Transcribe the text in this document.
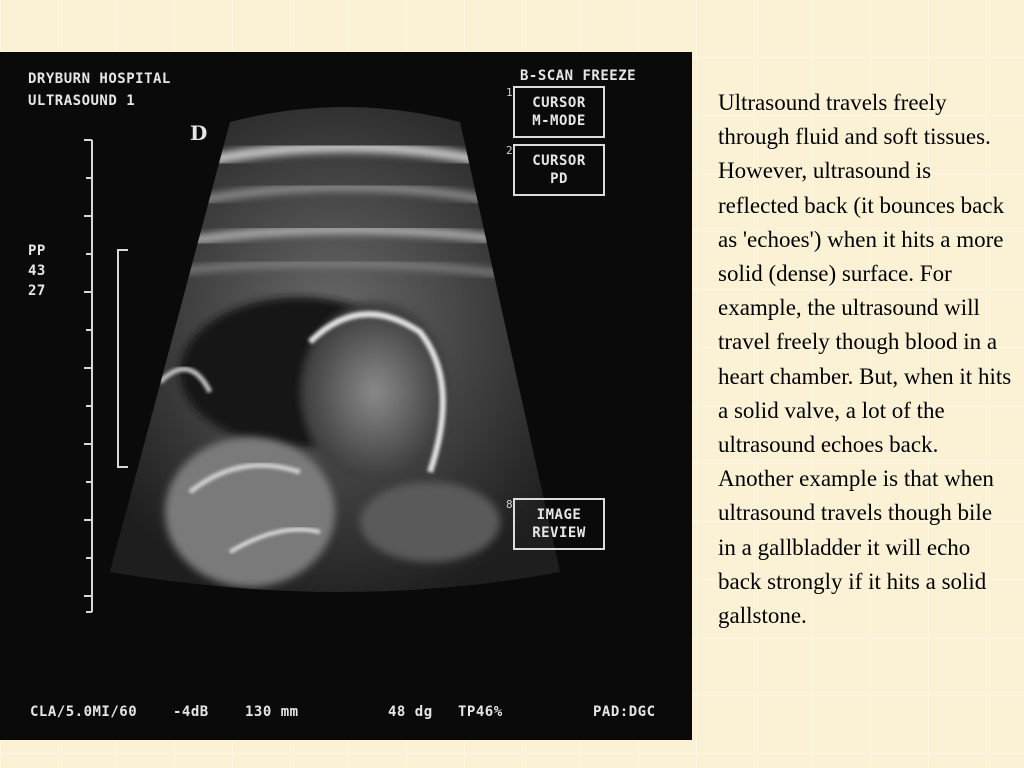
DRYBURN HOSPITAL
ULTRASOUND 1
B-SCAN FREEZE
D
PP
43
27
1
CURSOR
M-MODE
2
CURSOR
PD
8
IMAGE
REVIEW
CLA/5.0MI/60	-4dB	130 mm	48 dg TP46%	PAD:DGC
Ultrasound travels freely through fluid and soft tissues. However, ultrasound is reflected back (it bounces back as 'echoes') when it hits a more solid (dense) surface. For example, the ultrasound will travel freely though blood in a heart chamber. But, when it hits a solid valve, a lot of the ultrasound echoes back. Another example is that when ultrasound travels though bile in a gallbladder it will echo back strongly if it hits a solid gallstone.
